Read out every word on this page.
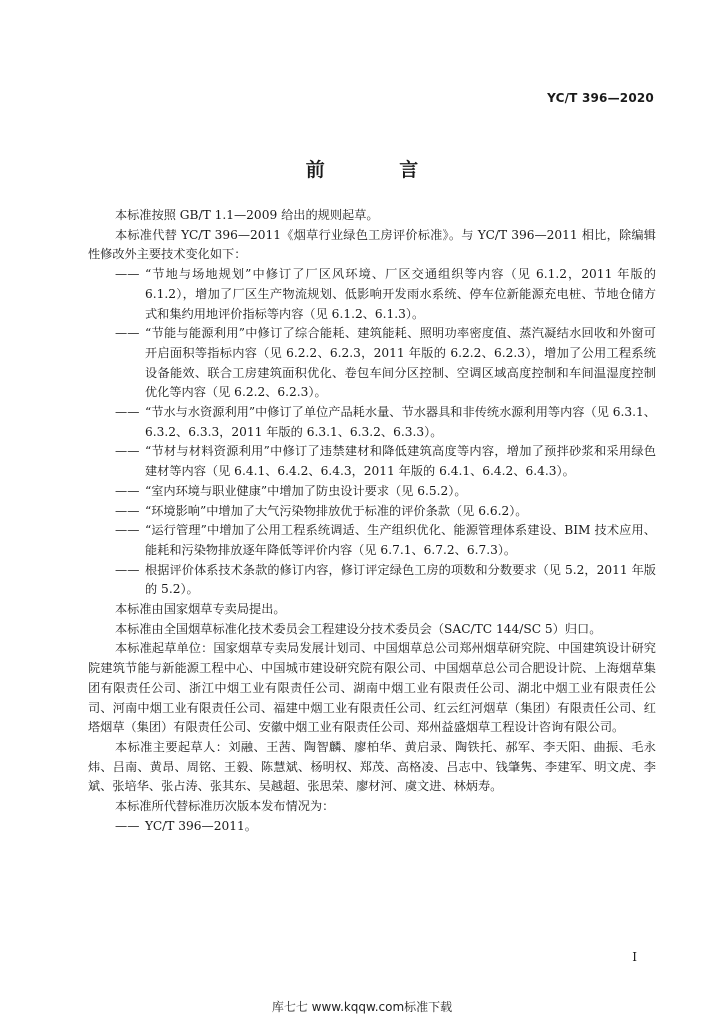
YC/T 396—2020
前 言

本标准按照 GB/T 1.1—2009 给出的规则起草。

本标准代替 YC/T 396—2011《烟草行业绿色工房评价标准》。与 YC/T 396—2011 相比，除编辑性修改外主要技术变化如下：

—— “节地与场地规划”中修订了厂区风环境、厂区交通组织等内容（见 6.1.2，2011 年版的 6.1.2），增加了厂区生产物流规划、低影响开发雨水系统、停车位新能源充电桩、节地仓储方式和集约用地评价指标等内容（见 6.1.2、6.1.3）。

—— “节能与能源利用”中修订了综合能耗、建筑能耗、照明功率密度值、蒸汽凝结水回收和外窗可开启面积等指标内容（见 6.2.2、6.2.3，2011 年版的 6.2.2、6.2.3），增加了公用工程系统设备能效、联合工房建筑面积优化、卷包车间分区控制、空调区域高度控制和车间温湿度控制优化等内容（见 6.2.2、6.2.3）。

—— “节水与水资源利用”中修订了单位产品耗水量、节水器具和非传统水源利用等内容（见 6.3.1、6.3.2、6.3.3，2011 年版的 6.3.1、6.3.2、6.3.3）。

—— “节材与材料资源利用”中修订了违禁建材和降低建筑高度等内容，增加了预拌砂浆和采用绿色建材等内容（见 6.4.1、6.4.2、6.4.3，2011 年版的 6.4.1、6.4.2、6.4.3）。

—— “室内环境与职业健康”中增加了防虫设计要求（见 6.5.2）。

—— “环境影响”中增加了大气污染物排放优于标准的评价条款（见 6.6.2）。

—— “运行管理”中增加了公用工程系统调适、生产组织优化、能源管理体系建设、BIM 技术应用、能耗和污染物排放逐年降低等评价内容（见 6.7.1、6.7.2、6.7.3）。

—— 根据评价体系技术条款的修订内容，修订评定绿色工房的项数和分数要求（见 5.2，2011 年版的 5.2）。

本标准由国家烟草专卖局提出。

本标准由全国烟草标准化技术委员会工程建设分技术委员会（SAC/TC 144/SC 5）归口。

本标准起草单位：国家烟草专卖局发展计划司、中国烟草总公司郑州烟草研究院、中国建筑设计研究院建筑节能与新能源工程中心、中国城市建设研究院有限公司、中国烟草总公司合肥设计院、上海烟草集团有限责任公司、浙江中烟工业有限责任公司、湖南中烟工业有限责任公司、湖北中烟工业有限责任公司、河南中烟工业有限责任公司、福建中烟工业有限责任公司、红云红河烟草（集团）有限责任公司、红塔烟草（集团）有限责任公司、安徽中烟工业有限责任公司、郑州益盛烟草工程设计咨询有限公司。

本标准主要起草人：刘融、王茜、陶智麟、廖柏华、黄启录、陶铁托、郝军、李天阳、曲振、毛永炜、吕南、黄昂、周铭、王毅、陈慧斌、杨明权、郑茂、高格凌、吕志中、钱肇隽、李建军、明文虎、李斌、张培华、张占涛、张其东、吴越超、张思荣、廖材河、虞文进、林炳寿。

本标准所代替标准历次版本发布情况为：

—— YC/T 396—2011。

I
库七七 www.kqqw.com标准下载
